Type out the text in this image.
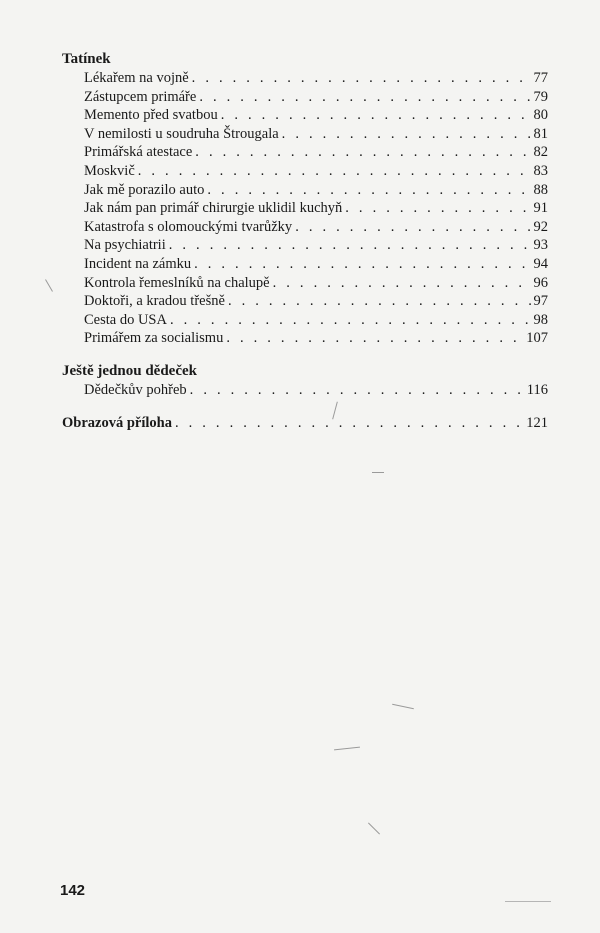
Tatínek
Lékařem na vojně . . .	77
Zástupcem primáře . . .	79
Memento před svatbou . . .	80
V nemilosti u soudruha Štrougala . . .	81
Primářská atestace . . .	82
Moskvič . . .	83
Jak mě porazilo auto . . .	88
Jak nám pan primář chirurgie uklidil kuchyň . . .	91
Katastrofa s olomouckými tvarůžky . . .	92
Na psychiatrii . . .	93
Incident na zámku . . .	94
Kontrola řemeslníků na chalupě . . .	96
Doktoři, a kradou třešně . . .	97
Cesta do USA . . .	98
Primářem za socialismu . . .	107
Ještě jednou dědeček
Dědečkův pohřeb . . .	116
Obrazová příloha . . .	121
142
